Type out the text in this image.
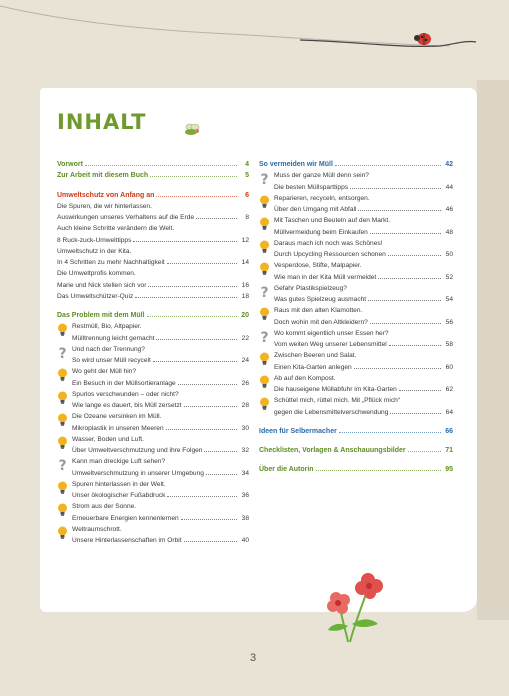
INHALT
Vorwort	4
Zur Arbeit mit diesem Buch	5
Umweltschutz von Anfang an	6
Die Spuren, die wir hinterlassen.
Auswirkungen unseres Verhaltens auf die Erde	8
Auch kleine Schritte verändern die Welt.
8 Ruck-zuck-Umwelttipps	12
Umweltschutz in der Kita.
In 4 Schritten zu mehr Nachhaltigkeit	14
Die Umweltprofis kommen.
Marie und Nick stellen sich vor	16
Das Umweltschützer-Quiz	18
Das Problem mit dem Müll	20
Restmüll, Bio, Altpapier.
Mülltrennung leicht gemacht	22
? Und nach der Trennung?
So wird unser Müll recycelt	24
Wo geht der Müll hin?
Ein Besuch in der Müllsortieranlage	26
Spurlos verschwunden – oder nicht?
Wie lange es dauert, bis Müll zersetzt	28
Die Ozeane versinken im Müll.
Mikroplastik in unseren Meeren	30
Wasser, Boden und Luft.
Über Umweltverschmutzung und ihre Folgen	32
? Kann man dreckige Luft sehen?
Umweltverschmutzung in unserer Umgebung	34
Spuren hinterlassen in der Welt.
Unser ökologischer Fußabdruck	36
Strom aus der Sonne.
Erneuerbare Energien kennenlernen	38
Weltraumschrott.
Unsere Hinterlassenschaften im Orbit	40
So vermeiden wir Müll	42
? Muss der ganze Müll denn sein?
Die besten Müllsparttipps	44
Reparieren, recyceln, entsorgen.
Über den Umgang mit Abfall	46
Mit Taschen und Beuteln auf den Markt.
Müllvermeidung beim Einkaufen	48
Daraus mach ich noch was Schönes!
Durch Upcycling Ressourcen schonen	50
Vesperdose, Stifte, Malpapier.
Wie man in der Kita Müll vermeidet	52
? Gefahr Plastikspielzeug?
Was gutes Spielzeug ausmacht	54
Raus mit den alten Klamotten.
Doch wohin mit den Altkleidern?	56
? Wo kommt eigentlich unser Essen her?
Vom weiten Weg unserer Lebensmittel	58
Zwischen Beeren und Salat.
Einen Kita-Garten anlegen	60
Ab auf den Kompost.
Die hauseigene Müllabfuhr im Kita-Garten	62
Schüttel mich, rüttel mich. Mit „Pflück mich“
gegen die Lebensmittelverschwendung	64
Ideen für Selbermacher	66
Checklisten, Vorlagen & Anschauungsbilder	71
Über die Autorin	95

3
